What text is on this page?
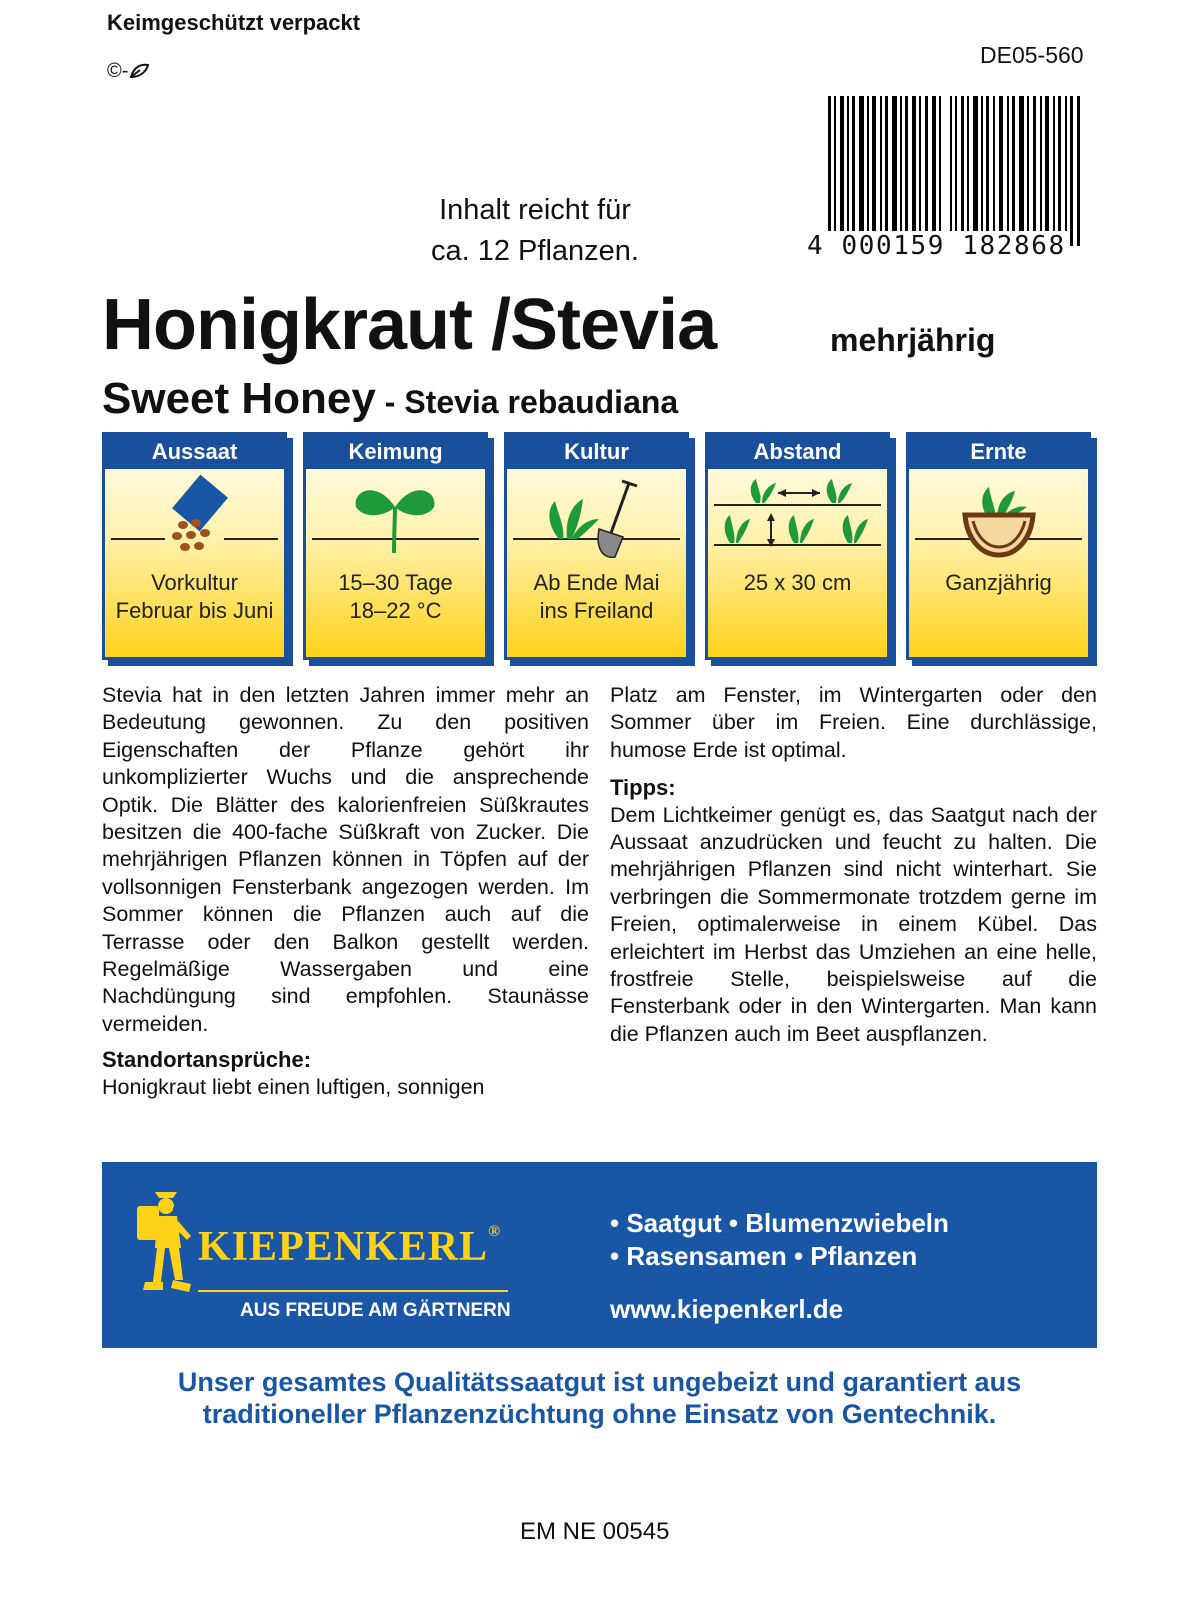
Keimgeschützt verpackt
©-
DE05-560
4 000159 182868
Inhalt reicht für
ca. 12 Pflanzen.
Honigkraut /Stevia	mehrjährig
Sweet Honey - Stevia rebaudiana
Aussaat
Vorkultur
Februar bis Juni
Keimung
15–30 Tage
18–22 °C
Kultur
Ab Ende Mai
ins Freiland
Abstand
25 x 30 cm
Ernte
Ganzjährig

Stevia hat in den letzten Jahren immer mehr an Bedeutung gewonnen. Zu den positiven Eigenschaften der Pflanze gehört ihr unkomplizierter Wuchs und die ansprechende Optik. Die Blätter des kalorienfreien Süßkrautes besitzen die 400-fache Süßkraft von Zucker. Die mehrjährigen Pflanzen können in Töpfen auf der vollsonnigen Fensterbank angezogen werden. Im Sommer können die Pflanzen auch auf die Terrasse oder den Balkon gestellt werden. Regelmäßige Wassergaben und eine Nachdüngung sind empfohlen. Staunässe vermeiden.

Standortansprüche:

Honigkraut liebt einen luftigen, sonnigen

Platz am Fenster, im Wintergarten oder den Sommer über im Freien. Eine durchlässige, humose Erde ist optimal.

Tipps:

Dem Lichtkeimer genügt es, das Saatgut nach der Aussaat anzudrücken und feucht zu halten. Die mehrjährigen Pflanzen sind nicht winterhart. Sie verbringen die Sommermonate trotzdem gerne im Freien, optimalerweise in einem Kübel. Das erleichtert im Herbst das Umziehen an eine helle, frostfreie Stelle, beispielsweise auf die Fensterbank oder in den Wintergarten. Man kann die Pflanzen auch im Beet auspflanzen.

KIEPENKERL®
AUS FREUDE AM GÄRTNERN
• Saatgut • Blumenzwiebeln
• Rasensamen • Pflanzen
www.kiepenkerl.de
Unser gesamtes Qualitätssaatgut ist ungebeizt und garantiert aus
traditioneller Pflanzenzüchtung ohne Einsatz von Gentechnik.
EM NE 00545
